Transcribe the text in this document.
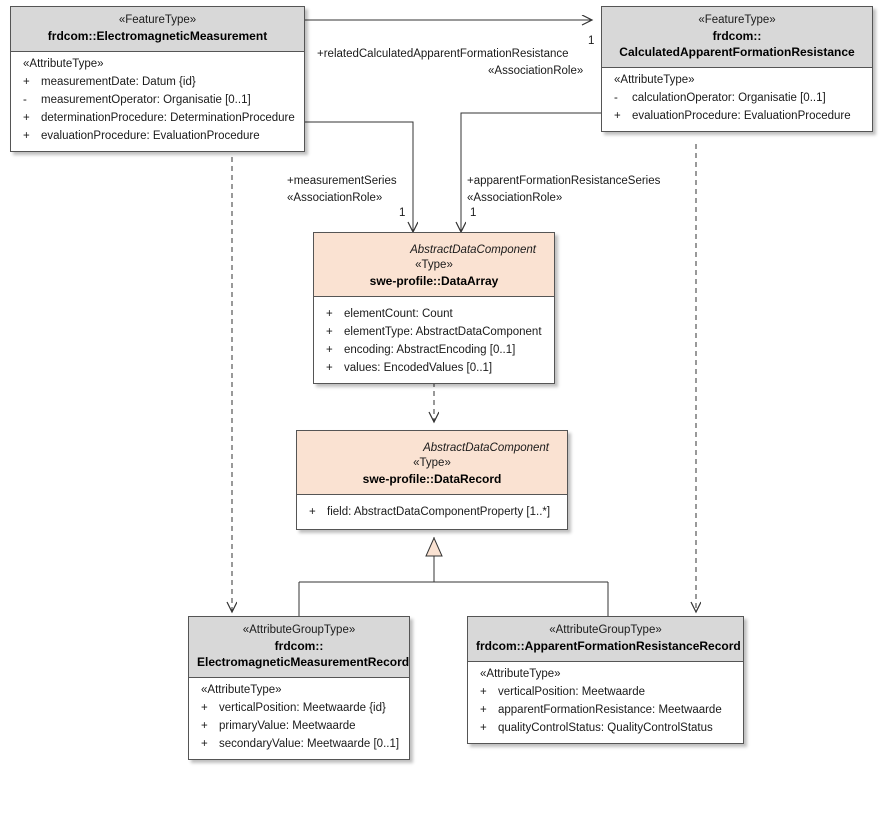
«FeatureType»
frdcom::ElectromagneticMeasurement
«AttributeType»
+ measurementDate: Datum {id}
- measurementOperator: Organisatie [0..1]
+ determinationProcedure: DeterminationProcedure
+ evaluationProcedure: EvaluationProcedure
«FeatureType»
frdcom::
CalculatedApparentFormationResistance
«AttributeType»
- calculationOperator: Organisatie [0..1]
+ evaluationProcedure: EvaluationProcedure
AbstractDataComponent
«Type»
swe-profile::DataArray
+ elementCount: Count
+ elementType: AbstractDataComponent
+ encoding: AbstractEncoding [0..1]
+ values: EncodedValues [0..1]
AbstractDataComponent
«Type»
swe-profile::DataRecord
+ field: AbstractDataComponentProperty [1..*]
«AttributeGroupType»
frdcom::
ElectromagneticMeasurementRecord
«AttributeType»
+ verticalPosition: Meetwaarde {id}
+ primaryValue: Meetwaarde
+ secondaryValue: Meetwaarde [0..1]
«AttributeGroupType»
frdcom::ApparentFormationResistanceRecord
«AttributeType»
+ verticalPosition: Meetwaarde
+ apparentFormationResistance: Meetwaarde
+ qualityControlStatus: QualityControlStatus
+relatedCalculatedApparentFormationResistance
«AssociationRole»
1
+measurementSeries
«AssociationRole»
1
+apparentFormationResistanceSeries
«AssociationRole»
1
